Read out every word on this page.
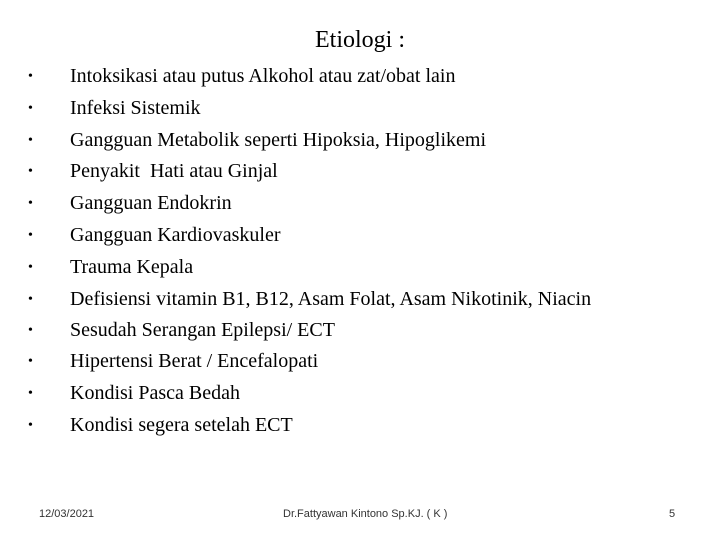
Etiologi :
• Intoksikasi atau putus Alkohol atau zat/obat lain
• Infeksi Sistemik
• Gangguan Metabolik seperti Hipoksia, Hipoglikemi
• Penyakit  Hati atau Ginjal
• Gangguan Endokrin
• Gangguan Kardiovaskuler
• Trauma Kepala
• Defisiensi vitamin B1, B12, Asam Folat, Asam Nikotinik, Niacin
• Sesudah Serangan Epilepsi/ ECT
• Hipertensi Berat / Encefalopati
• Kondisi Pasca Bedah
• Kondisi segera setelah ECT
12/03/2021	Dr.Fattyawan Kintono Sp.KJ. ( K )	5
